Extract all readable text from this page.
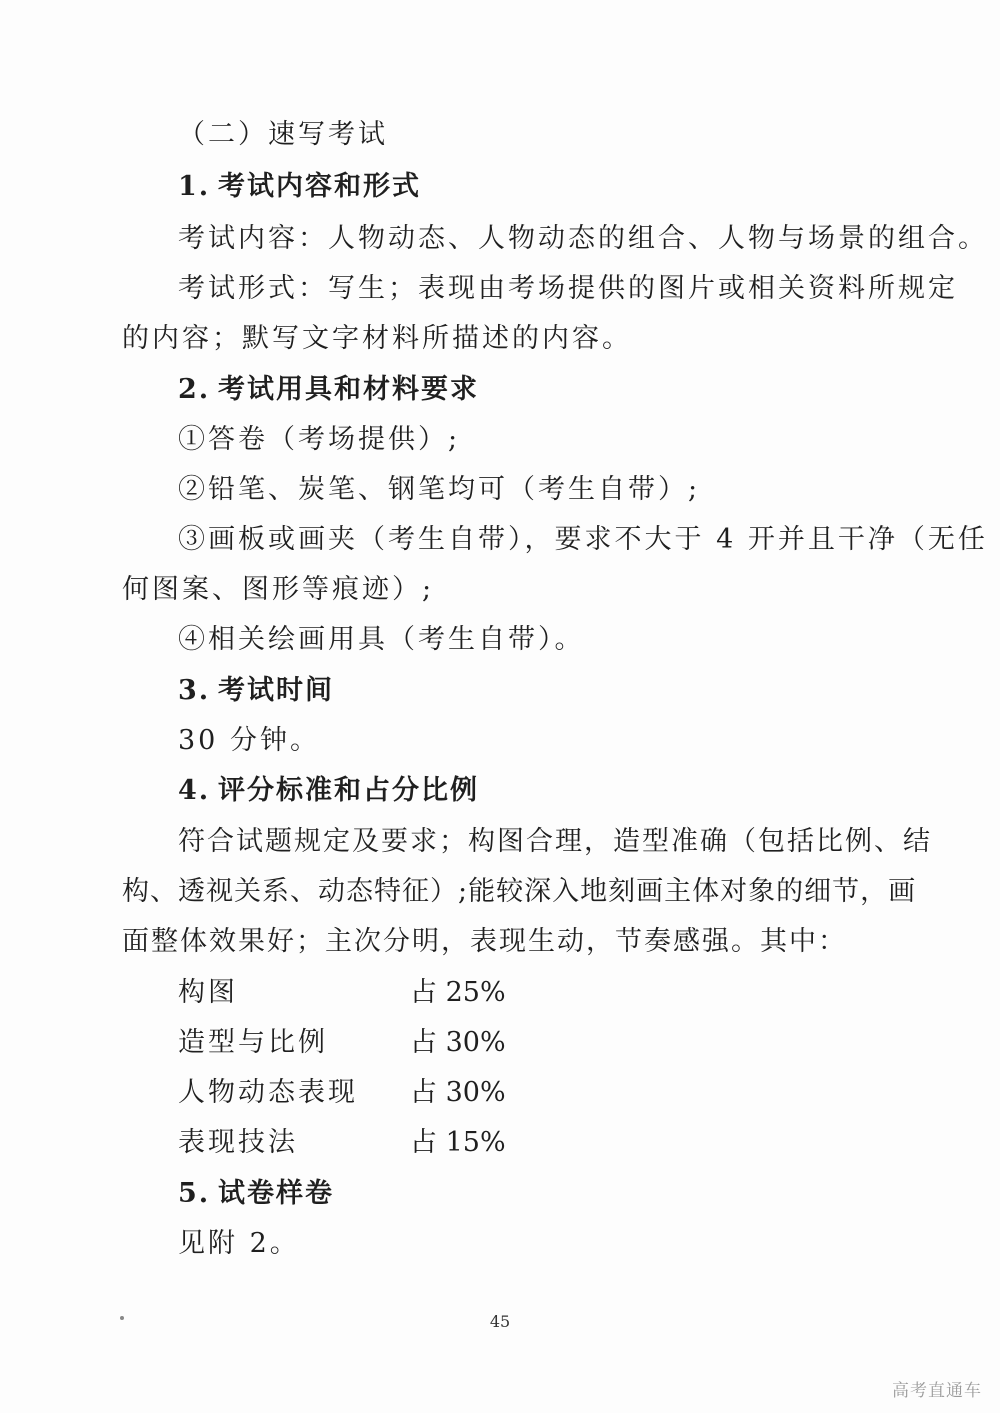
（二）速写考试
1. 考试内容和形式
考试内容：人物动态、人物动态的组合、人物与场景的组合。
考试形式：写生；表现由考场提供的图片或相关资料所规定
的内容；默写文字材料所描述的内容。
2. 考试用具和材料要求
①答卷（考场提供）;
②铅笔、炭笔、钢笔均可（考生自带）;
③画板或画夹（考生自带），要求不大于 4 开并且干净（无任
何图案、图形等痕迹）;
④相关绘画用具（考生自带）。
3. 考试时间
30 分钟。
4. 评分标准和占分比例
符合试题规定及要求；构图合理，造型准确（包括比例、结
构、透视关系、动态特征）;能较深入地刻画主体对象的细节，画
面整体效果好；主次分明，表现生动，节奏感强。其中：
构图	占 25%
造型与比例	占 30%
人物动态表现 占 30%
表现技法	占 15%
5. 试卷样卷
见附 2。
45
高考直通车
